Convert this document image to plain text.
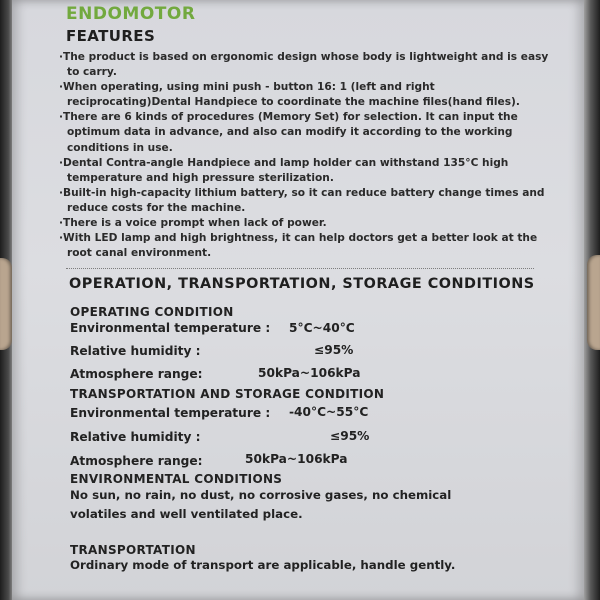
ENDOMOTOR
FEATURES

·The product is based on ergonomic design whose body is lightweight and is easy to carry.

·When operating, using mini push - button 16: 1 (left and right reciprocating)Dental Handpiece to coordinate the machine files(hand files).

·There are 6 kinds of procedures (Memory Set) for selection. It can input the optimum data in advance, and also can modify it according to the working conditions in use.

·Dental Contra-angle Handpiece and lamp holder can withstand 135°C high temperature and high pressure sterilization.

·Built-in high-capacity lithium battery, so it can reduce battery change times and reduce costs for the machine.

·There is a voice prompt when lack of power.

·With LED lamp and high brightness, it can help doctors get a better look at the root canal environment.

OPERATION, TRANSPORTATION, STORAGE CONDITIONS
OPERATING CONDITION
Environmental temperature : 5°C~40°C
Relative humidity :	≤95%
Atmosphere range:	50kPa~106kPa
TRANSPORTATION AND STORAGE CONDITION
Environmental temperature : -40°C~55°C
Relative humidity :	≤95%
Atmosphere range:	50kPa~106kPa
ENVIRONMENTAL CONDITIONS
No sun, no rain, no dust, no corrosive gases, no chemical
volatiles and well ventilated place.
TRANSPORTATION
Ordinary mode of transport are applicable, handle gently.
